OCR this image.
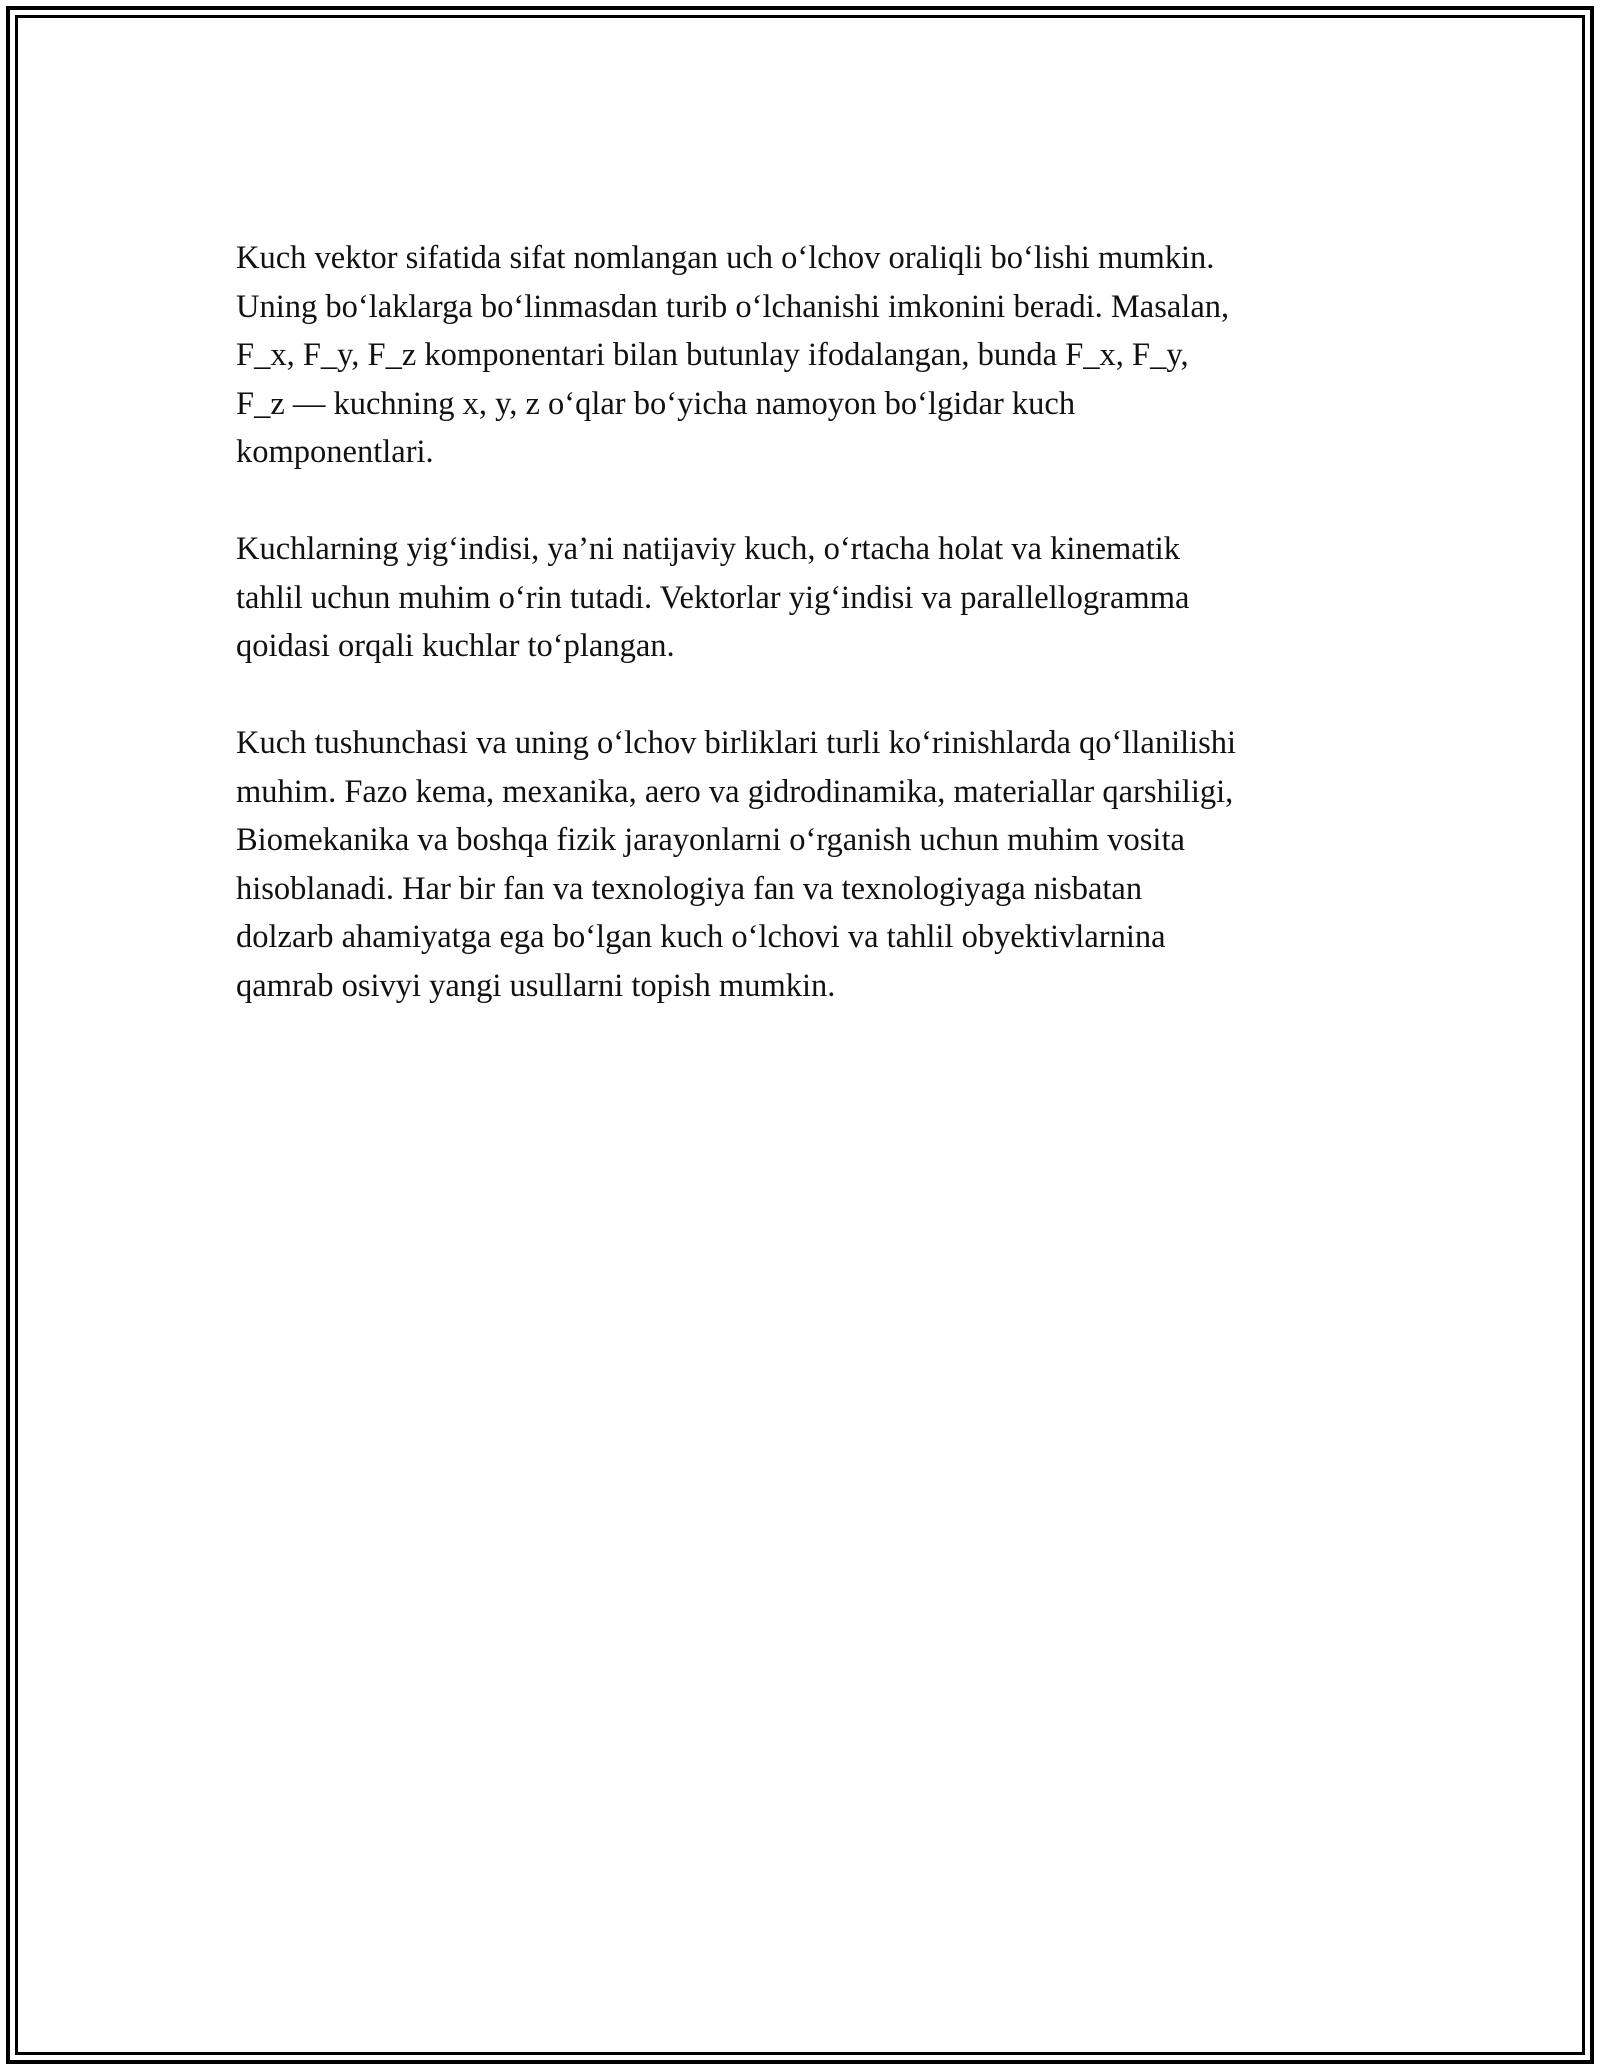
Kuch vektor sifatida sifat nomlangan uch oʻlchov oraliqli boʻlishi mumkin.
Uning boʻlaklarga boʻlinmasdan turib oʻlchanishi imkonini beradi. Masalan,
F_x, F_y, F_z komponentari bilan butunlay ifodalangan, bunda F_x, F_y,
F_z — kuchning x, y, z oʻqlar boʻyicha namoyon boʻlgidar kuch
komponentlari.

Kuchlarning yigʻindisi, ya’ni natijaviy kuch, oʻrtacha holat va kinematik
tahlil uchun muhim oʻrin tutadi. Vektorlar yigʻindisi va parallellogramma
qoidasi orqali kuchlar toʻplangan.

Kuch tushunchasi va uning oʻlchov birliklari turli koʻrinishlarda qoʻllanilishi
muhim. Fazo kema, mexanika, aero va gidrodinamika, materiallar qarshiligi,
Biomekanika va boshqa fizik jarayonlarni oʻrganish uchun muhim vosita
hisoblanadi. Har bir fan va texnologiya fan va texnologiyaga nisbatan
dolzarb ahamiyatga ega boʻlgan kuch oʻlchovi va tahlil obyektivlarnina
qamrab osivyi yangi usullarni topish mumkin.
